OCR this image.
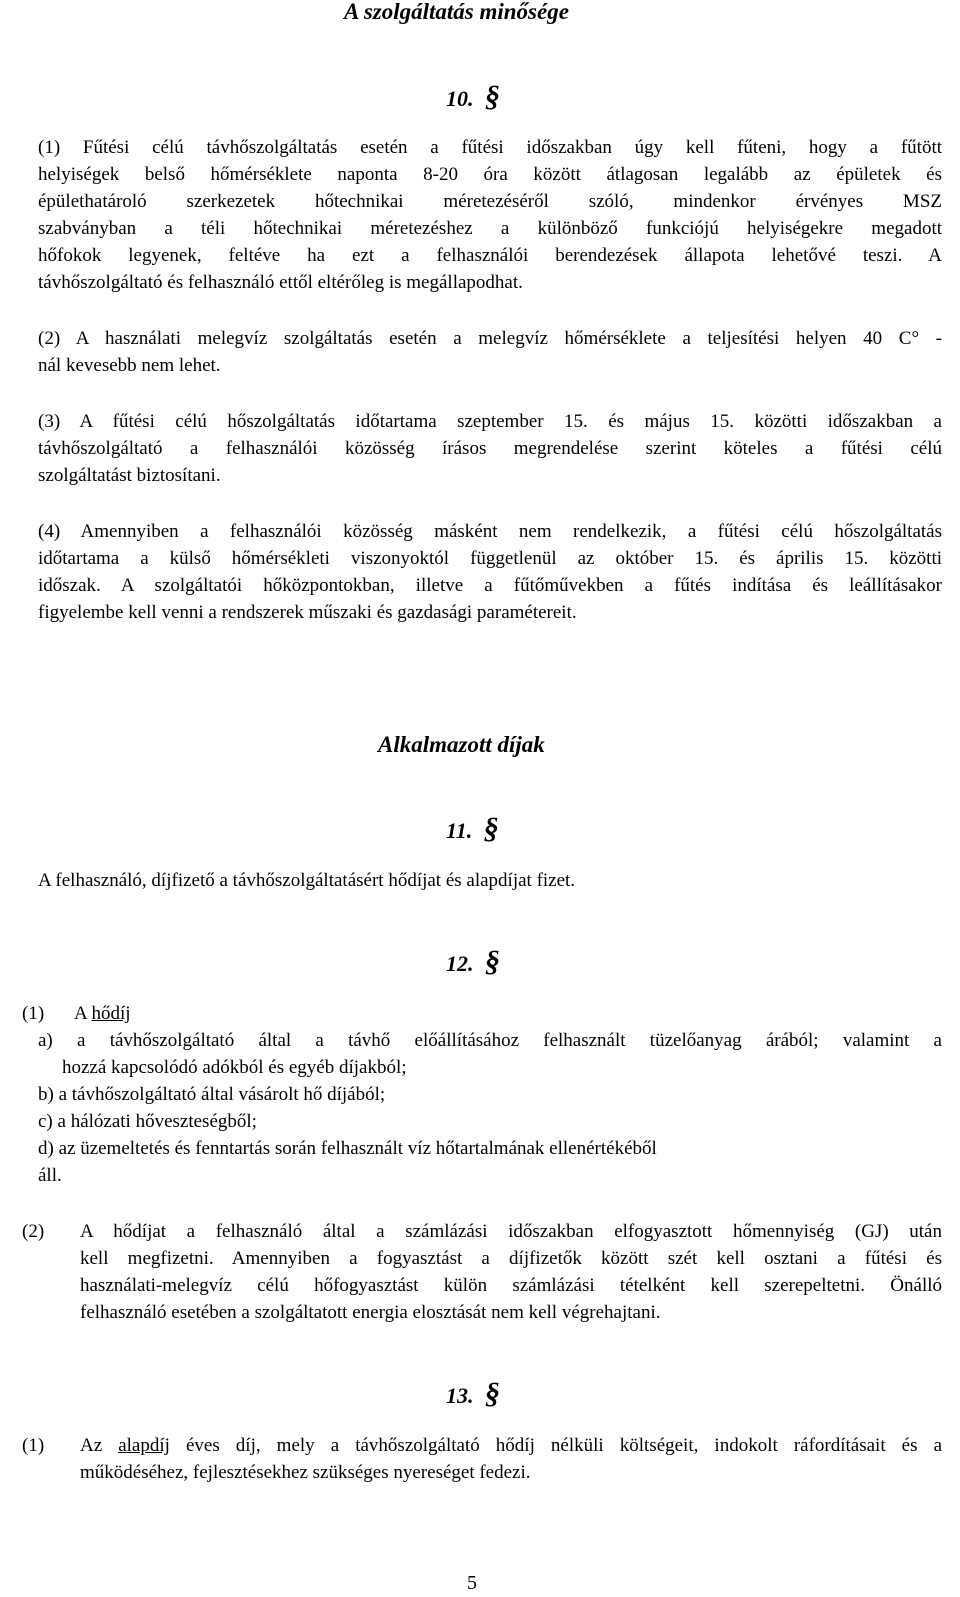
A szolgáltatás minősége
10. §
(1) Fűtési célú távhőszolgáltatás esetén a fűtési időszakban úgy kell fűteni, hogy a fűtött
helyiségek belső hőmérséklete naponta 8-20 óra között átlagosan legalább az épületek és
épülethatároló szerkezetek hőtechnikai méretezéséről szóló, mindenkor érvényes MSZ
szabványban a téli hőtechnikai méretezéshez a különböző funkciójú helyiségekre megadott
hőfokok legyenek, feltéve ha ezt a felhasználói berendezések állapota lehetővé teszi. A
távhőszolgáltató és felhasználó ettől eltérőleg is megállapodhat.
(2) A használati melegvíz szolgáltatás esetén a melegvíz hőmérséklete a teljesítési helyen 40 C° -
nál kevesebb nem lehet.
(3) A fűtési célú hőszolgáltatás időtartama szeptember 15. és május 15. közötti időszakban a
távhőszolgáltató a felhasználói közösség írásos megrendelése szerint köteles a fűtési célú
szolgáltatást biztosítani.
(4) Amennyiben a felhasználói közösség másként nem rendelkezik, a fűtési célú hőszolgáltatás
időtartama a külső hőmérsékleti viszonyoktól függetlenül az október 15. és április 15. közötti
időszak. A szolgáltatói hőközpontokban, illetve a fűtőművekben a fűtés indítása és leállításakor
figyelembe kell venni a rendszerek műszaki és gazdasági paramétereit.
Alkalmazott díjak
11. §
A felhasználó, díjfizető a távhőszolgáltatásért hődíjat és alapdíjat fizet.
12. §
(1) A hődíj
a) a távhőszolgáltató által a távhő előállításához felhasznált tüzelőanyag árából; valamint a
hozzá kapcsolódó adókból és egyéb díjakból;
b) a távhőszolgáltató által vásárolt hő díjából;
c) a hálózati hőveszteségből;
d) az üzemeltetés és fenntartás során felhasznált víz hőtartalmának ellenértékéből
áll.
(2) A hődíjat a felhasználó által a számlázási időszakban elfogyasztott hőmennyiség (GJ) után
kell megfizetni. Amennyiben a fogyasztást a díjfizetők között szét kell osztani a fűtési és
használati-melegvíz célú hőfogyasztást külön számlázási tételként kell szerepeltetni. Önálló
felhasználó esetében a szolgáltatott energia elosztását nem kell végrehajtani.
13. §
(1) Az alapdíj éves díj, mely a távhőszolgáltató hődíj nélküli költségeit, indokolt ráfordításait és a
működéséhez, fejlesztésekhez szükséges nyereséget fedezi.
5
